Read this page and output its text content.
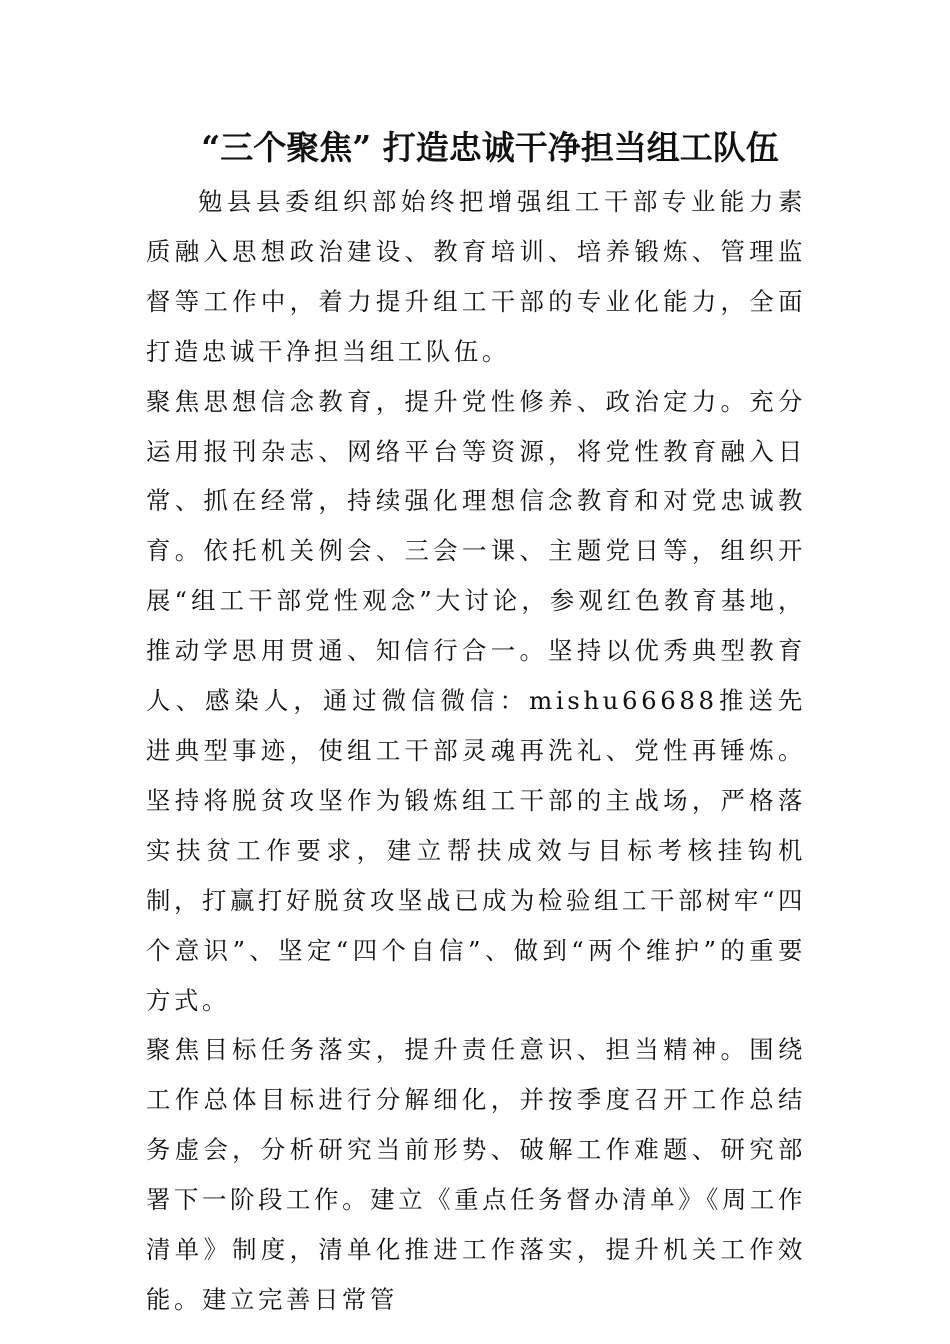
“三个聚焦” 打造忠诚干净担当组工队伍

勉县县委组织部始终把增强组工干部专业能力素质融入思想政治建设、教育培训、培养锻炼、管理监督等工作中，着力提升组工干部的专业化能力，全面打造忠诚干净担当组工队伍。

聚焦思想信念教育，提升党性修养、政治定力。充分运用报刊杂志、网络平台等资源，将党性教育融入日常、抓在经常，持续强化理想信念教育和对党忠诚教育。依托机关例会、三会一课、主题党日等，组织开展“组工干部党性观念”大讨论，参观红色教育基地，推动学思用贯通、知信行合一。坚持以优秀典型教育人、感染人，通过微信微信：mishu66688推送先进典型事迹，使组工干部灵魂再洗礼、党性再锤炼。坚持将脱贫攻坚作为锻炼组工干部的主战场，严格落实扶贫工作要求，建立帮扶成效与目标考核挂钩机制，打赢打好脱贫攻坚战已成为检验组工干部树牢“四个意识”、坚定“四个自信”、做到“两个维护”的重要方式。

聚焦目标任务落实，提升责任意识、担当精神。围绕工作总体目标进行分解细化，并按季度召开工作总结务虚会，分析研究当前形势、破解工作难题、研究部署下一阶段工作。建立《重点任务督办清单》《周工作清单》制度，清单化推进工作落实，提升机关工作效能。建立完善日常管
